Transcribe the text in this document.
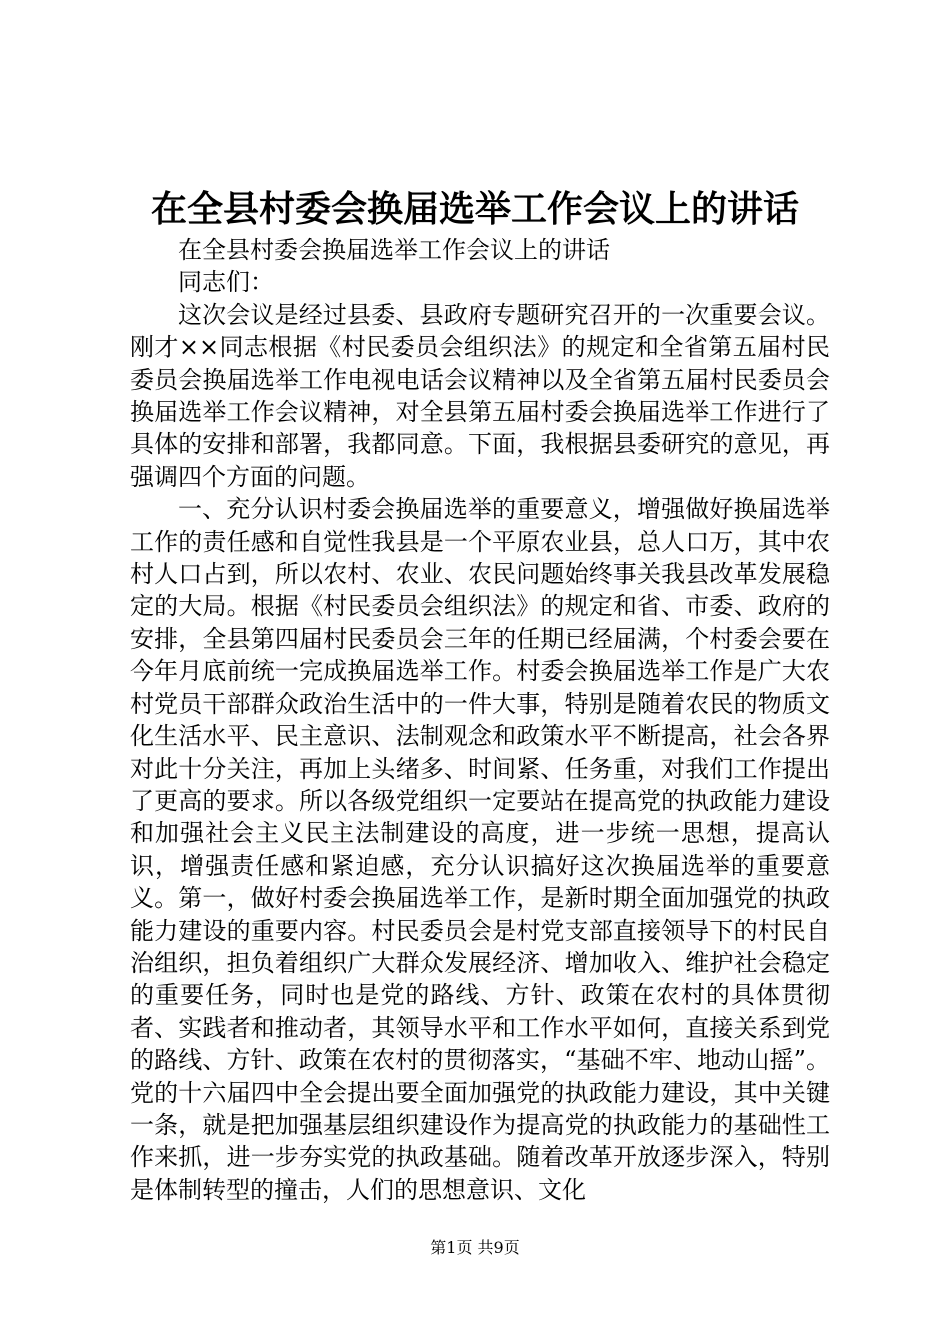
在全县村委会换届选举工作会议上的讲话

在全县村委会换届选举工作会议上的讲话

同志们：

这次会议是经过县委、县政府专题研究召开的一次重要会议。刚才××同志根据《村民委员会组织法》的规定和全省第五届村民委员会换届选举工作电视电话会议精神以及全省第五届村民委员会换届选举工作会议精神，对全县第五届村委会换届选举工作进行了具体的安排和部署，我都同意。下面，我根据县委研究的意见，再强调四个方面的问题。

一、充分认识村委会换届选举的重要意义，增强做好换届选举工作的责任感和自觉性我县是一个平原农业县，总人口万，其中农村人口占到，所以农村、农业、农民问题始终事关我县改革发展稳定的大局。根据《村民委员会组织法》的规定和省、市委、政府的安排，全县第四届村民委员会三年的任期已经届满，个村委会要在今年月底前统一完成换届选举工作。村委会换届选举工作是广大农村党员干部群众政治生活中的一件大事，特别是随着农民的物质文化生活水平、民主意识、法制观念和政策水平不断提高，社会各界对此十分关注，再加上头绪多、时间紧、任务重，对我们工作提出了更高的要求。所以各级党组织一定要站在提高党的执政能力建设和加强社会主义民主法制建设的高度，进一步统一思想，提高认识，增强责任感和紧迫感，充分认识搞好这次换届选举的重要意义。第一，做好村委会换届选举工作，是新时期全面加强党的执政能力建设的重要内容。村民委员会是村党支部直接领导下的村民自治组织，担负着组织广大群众发展经济、增加收入、维护社会稳定的重要任务，同时也是党的路线、方针、政策在农村的具体贯彻者、实践者和推动者，其领导水平和工作水平如何，直接关系到党的路线、方针、政策在农村的贯彻落实，“基础不牢、地动山摇”。党的十六届四中全会提出要全面加强党的执政能力建设，其中关键一条，就是把加强基层组织建设作为提高党的执政能力的基础性工作来抓，进一步夯实党的执政基础。随着改革开放逐步深入，特别是体制转型的撞击，人们的思想意识、文化

第1页 共9页
